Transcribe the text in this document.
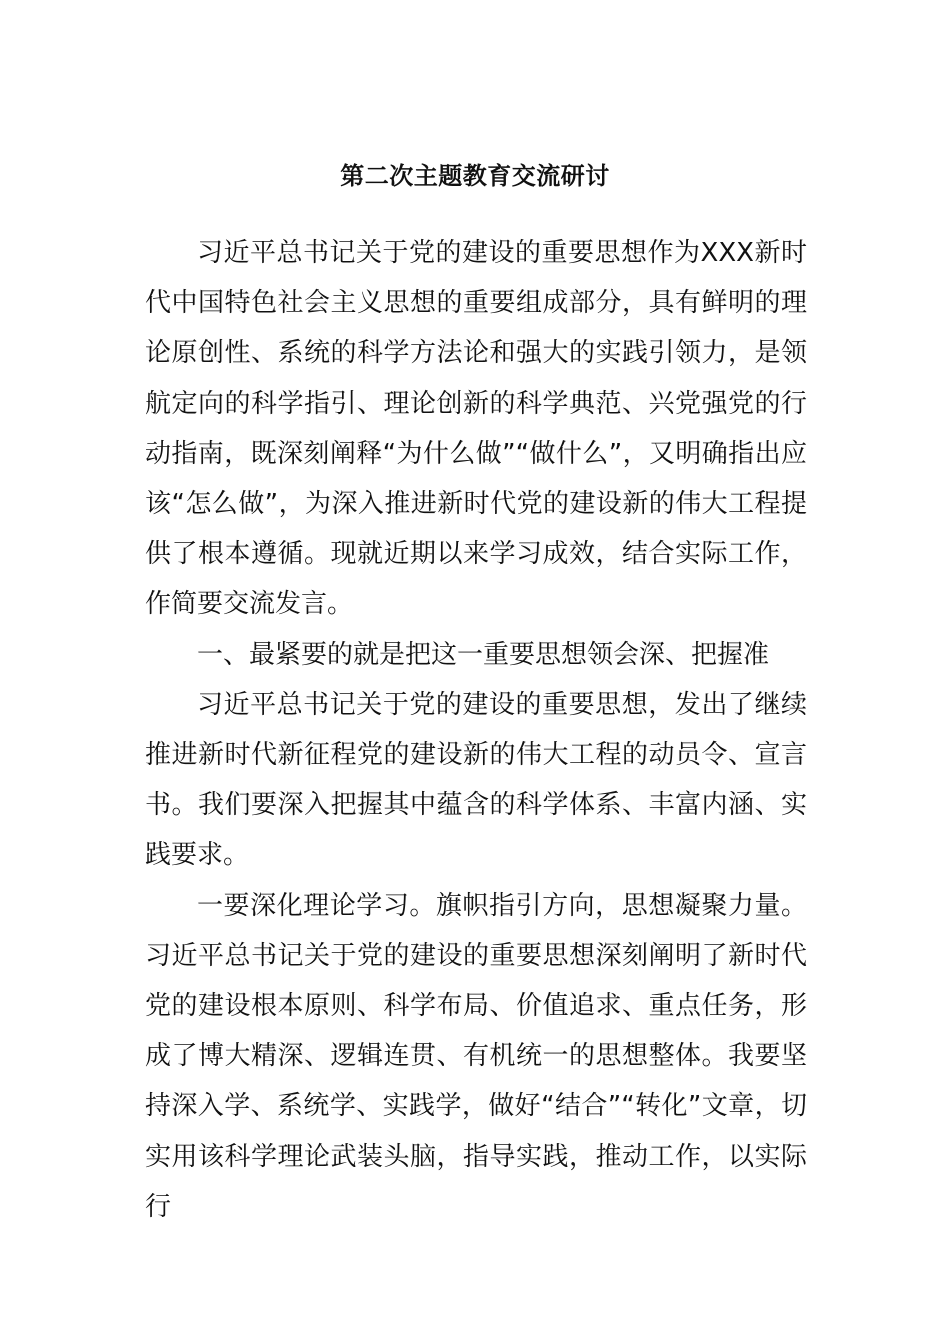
第二次主题教育交流研讨

习近平总书记关于党的建设的重要思想作为XXX新时代中国特色社会主义思想的重要组成部分，具有鲜明的理论原创性、系统的科学方法论和强大的实践引领力，是领航定向的科学指引、理论创新的科学典范、兴党强党的行动指南，既深刻阐释“为什么做”“做什么”，又明确指出应该“怎么做”，为深入推进新时代党的建设新的伟大工程提供了根本遵循。现就近期以来学习成效，结合实际工作，作简要交流发言。

一、最紧要的就是把这一重要思想领会深、把握准

习近平总书记关于党的建设的重要思想，发出了继续推进新时代新征程党的建设新的伟大工程的动员令、宣言书。我们要深入把握其中蕴含的科学体系、丰富内涵、实践要求。

一要深化理论学习。旗帜指引方向，思想凝聚力量。习近平总书记关于党的建设的重要思想深刻阐明了新时代党的建设根本原则、科学布局、价值追求、重点任务，形成了博大精深、逻辑连贯、有机统一的思想整体。我要坚持深入学、系统学、实践学，做好“结合”“转化”文章，切实用该科学理论武装头脑，指导实践，推动工作，以实际行
